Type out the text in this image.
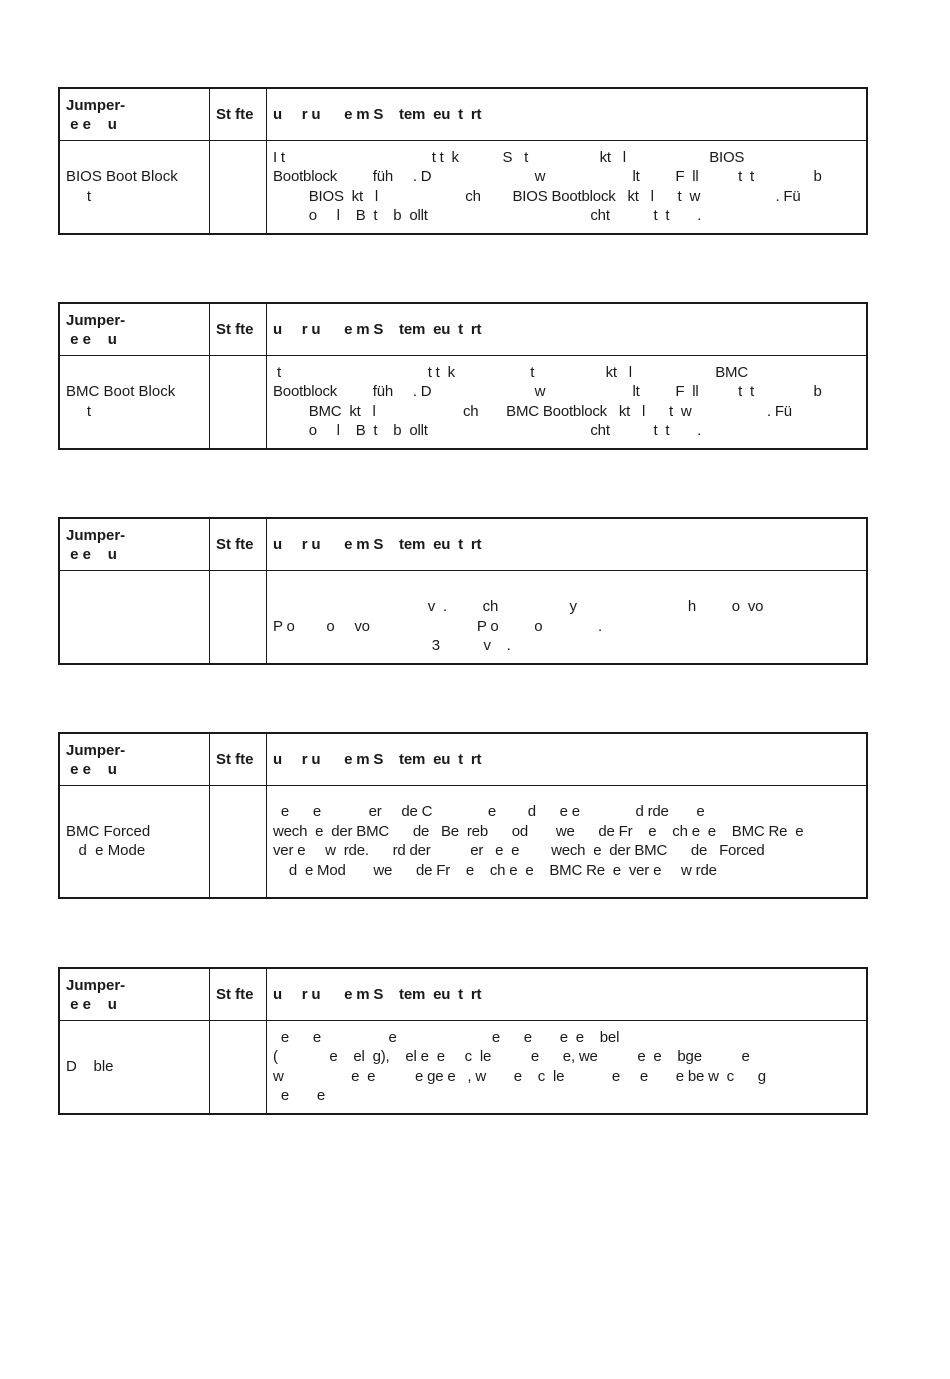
Jumper-
e e    u	St fte	u     r u      e m S    tem  eu  t  rt
BIOS Boot Block
t		I t                                     t t  k           S   t                  kt   l                     BIOS
Bootblock         füh     . D                          w                      lt         F  ll          t  t               b
BIOS  kt   l                      ch        BIOS Bootblock   kt   l      t  w                   . Fü
o     l    B  t    b  ollt                                         cht           t  t       .
Jumper-
e e    u	St fte	u     r u      e m S    tem  eu  t  rt
BMC Boot Block
t		t                                     t t  k                   t                  kt   l                     BMC
Bootblock         füh     . D                          w                      lt         F  ll          t  t               b
BMC  kt   l                      ch       BMC Bootblock   kt   l      t  w                   . Fü
o     l    B  t    b  ollt                                         cht           t  t       .
Jumper-
e e    u	St fte	u     r u      e m S    tem  eu  t  rt

v  .         ch                  y                            h         o  vo
P o        o     vo                           P o         o              .
3           v    .
Jumper-
e e    u	St fte	u     r u      e m S    tem  eu  t  rt
BMC Forced
d  e Mode		e      e            er     de C              e        d      e e              d rde       e
wech  e  der BMC      de   Be  reb      od       we      de Fr    e    ch e  e    BMC Re  e
ver e     w  rde.      rd der          er   e  e        wech  e  der BMC      de   Forced
d  e Mod       we      de Fr    e    ch e  e    BMC Re  e  ver e     w rde
Jumper-
e e    u	St fte	u     r u      e m S    tem  eu  t  rt
D    ble		e      e                 e                        e      e       e  e    bel
(             e    el  g),    el e  e     c  le          e      e, we          e  e    bge          e
w                 e  e          e ge e   , w       e    c  le            e     e       e be w  c      g
e       e
